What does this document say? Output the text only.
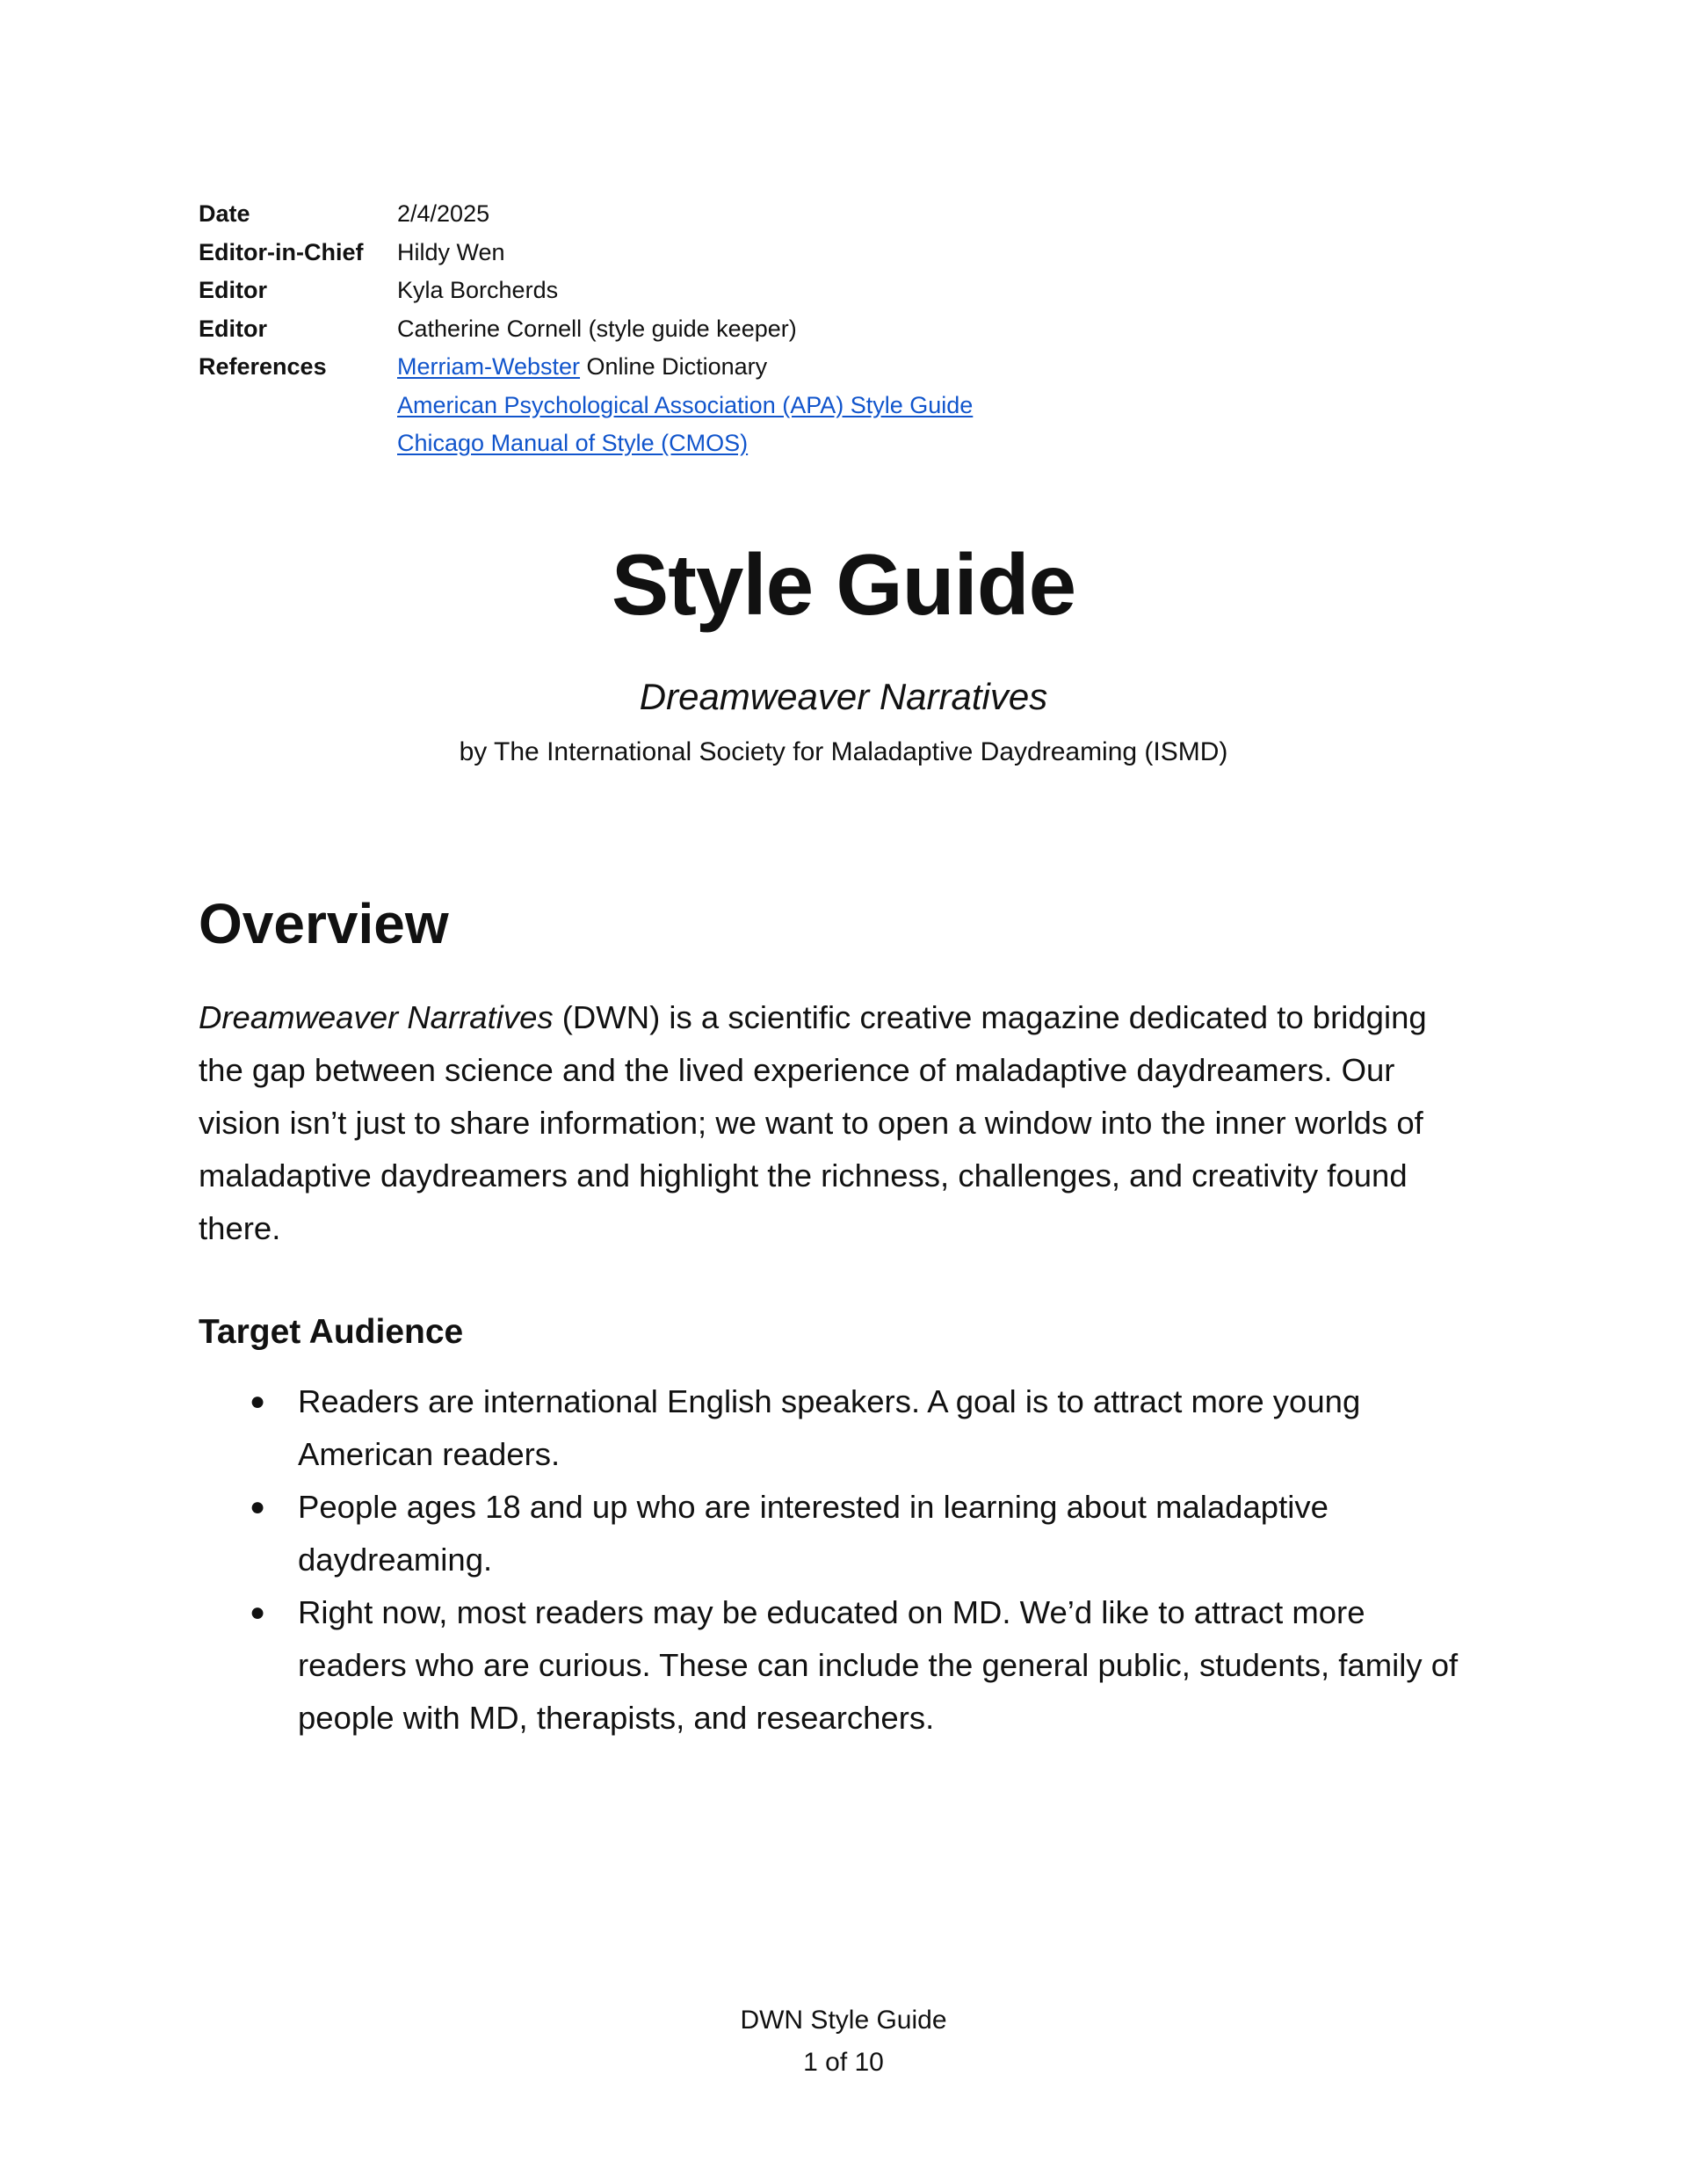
Date	2/4/2025
Editor-in-Chief	Hildy Wen
Editor	Kyla Borcherds
Editor	Catherine Cornell (style guide keeper)
References	Merriam-Webster Online Dictionary
American Psychological Association (APA) Style Guide
Chicago Manual of Style (CMOS)
Style Guide

Dreamweaver Narratives

by The International Society for Maladaptive Daydreaming (ISMD)

Overview

Dreamweaver Narratives (DWN) is a scientific creative magazine dedicated to bridging the gap between science and the lived experience of maladaptive daydreamers. Our vision isn’t just to share information; we want to open a window into the inner worlds of maladaptive daydreamers and highlight the richness, challenges, and creativity found there.

Target Audience
● Readers are international English speakers. A goal is to attract more young American readers.
● People ages 18 and up who are interested in learning about maladaptive daydreaming.
● Right now, most readers may be educated on MD. We’d like to attract more readers who are curious. These can include the general public, students, family of people with MD, therapists, and researchers.
DWN Style Guide
1 of 10
